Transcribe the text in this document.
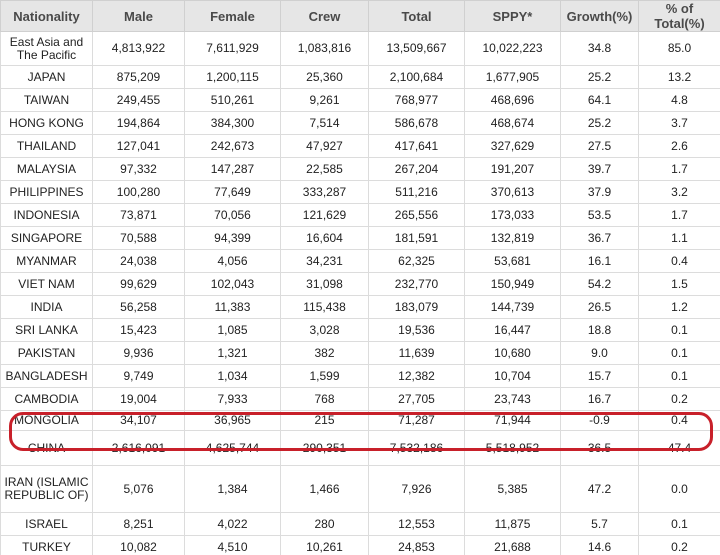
Nationality	Male	Female	Crew	Total	SPPY*	Growth(%)	% of Total(%)
East Asia and The Pacific	4,813,922	7,611,929	1,083,816	13,509,667	10,022,223	34.8	85.0
JAPAN	875,209	1,200,115	25,360	2,100,684	1,677,905	25.2	13.2
TAIWAN	249,455	510,261	9,261	768,977	468,696	64.1	4.8
HONG KONG	194,864	384,300	7,514	586,678	468,674	25.2	3.7
THAILAND	127,041	242,673	47,927	417,641	327,629	27.5	2.6
MALAYSIA	97,332	147,287	22,585	267,204	191,207	39.7	1.7
PHILIPPINES	100,280	77,649	333,287	511,216	370,613	37.9	3.2
INDONESIA	73,871	70,056	121,629	265,556	173,033	53.5	1.7
SINGAPORE	70,588	94,399	16,604	181,591	132,819	36.7	1.1
MYANMAR	24,038	4,056	34,231	62,325	53,681	16.1	0.4
VIET NAM	99,629	102,043	31,098	232,770	150,949	54.2	1.5
INDIA	56,258	11,383	115,438	183,079	144,739	26.5	1.2
SRI LANKA	15,423	1,085	3,028	19,536	16,447	18.8	0.1
PAKISTAN	9,936	1,321	382	11,639	10,680	9.0	0.1
BANGLADESH	9,749	1,034	1,599	12,382	10,704	15.7	0.1
CAMBODIA	19,004	7,933	768	27,705	23,743	16.7	0.2
MONGOLIA	34,107	36,965	215	71,287	71,944	-0.9	0.4
CHINA	2,616,091	4,625,744	290,351	7,532,186	5,518,952	36.5	47.4
IRAN (ISLAMIC REPUBLIC OF)	5,076	1,384	1,466	7,926	5,385	47.2	0.0
ISRAEL	8,251	4,022	280	12,553	11,875	5.7	0.1
TURKEY	10,082	4,510	10,261	24,853	21,688	14.6	0.2
